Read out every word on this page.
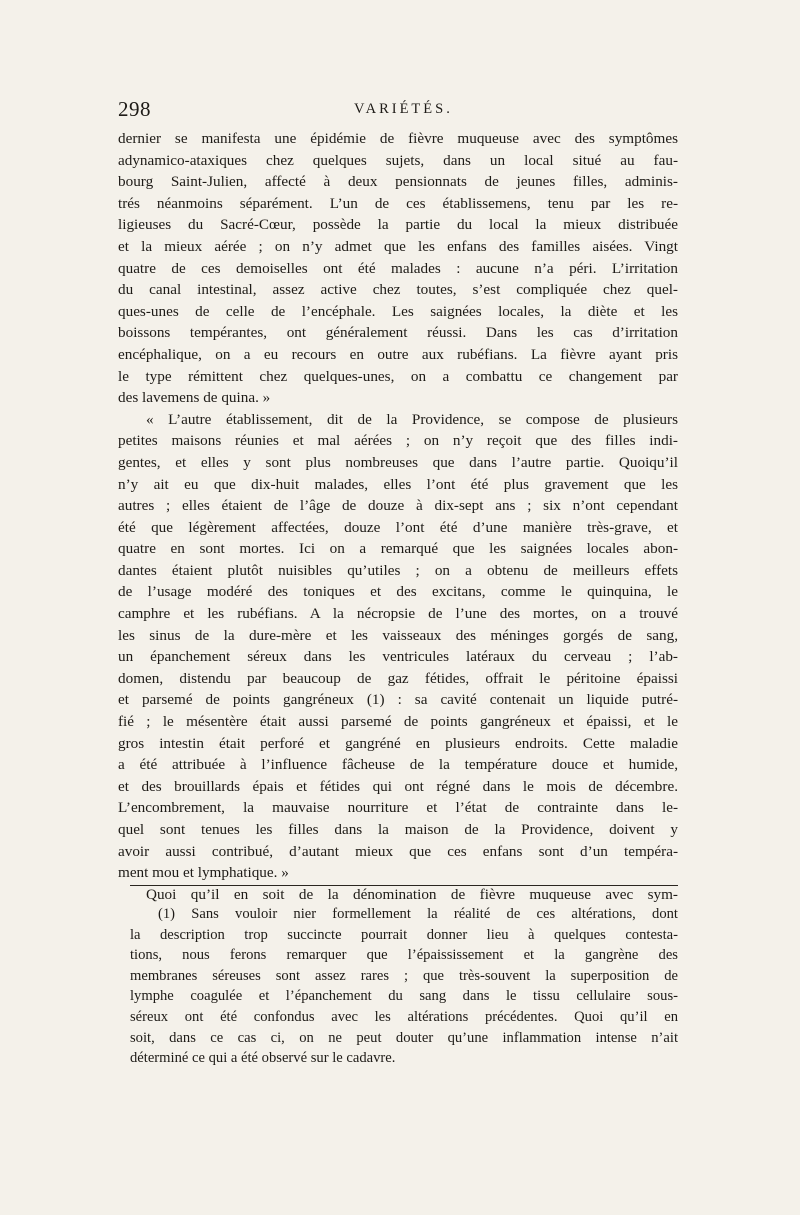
298	VARIÉTÉS.
dernier se manifesta une épidémie de fièvre muqueuse avec des symptômes
adynamico-ataxiques chez quelques sujets, dans un local situé au fau-
bourg Saint-Julien, affecté à deux pensionnats de jeunes filles, adminis-
trés néanmoins séparément. L’un de ces établissemens, tenu par les re-
ligieuses du Sacré-Cœur, possède la partie du local la mieux distribuée
et la mieux aérée ; on n’y admet que les enfans des familles aisées. Vingt
quatre de ces demoiselles ont été malades : aucune n’a péri. L’irritation
du canal intestinal, assez active chez toutes, s’est compliquée chez quel-
ques-unes de celle de l’encéphale. Les saignées locales, la diète et les
boissons tempérantes, ont généralement réussi. Dans les cas d’irritation
encéphalique, on a eu recours en outre aux rubéfians. La fièvre ayant pris
le type rémittent chez quelques-unes, on a combattu ce changement par
des lavemens de quina. »
« L’autre établissement, dit de la Providence, se compose de plusieurs
petites maisons réunies et mal aérées ; on n’y reçoit que des filles indi-
gentes, et elles y sont plus nombreuses que dans l’autre partie. Quoiqu’il
n’y ait eu que dix-huit malades, elles l’ont été plus gravement que les
autres ; elles étaient de l’âge de douze à dix-sept ans ; six n’ont cependant
été que légèrement affectées, douze l’ont été d’une manière très-grave, et
quatre en sont mortes. Ici on a remarqué que les saignées locales abon-
dantes étaient plutôt nuisibles qu’utiles ; on a obtenu de meilleurs effets
de l’usage modéré des toniques et des excitans, comme le quinquina, le
camphre et les rubéfians. A la nécropsie de l’une des mortes, on a trouvé
les sinus de la dure-mère et les vaisseaux des méninges gorgés de sang,
un épanchement séreux dans les ventricules latéraux du cerveau ; l’ab-
domen, distendu par beaucoup de gaz fétides, offrait le péritoine épaissi
et parsemé de points gangréneux (1) : sa cavité contenait un liquide putré-
fié ; le mésentère était aussi parsemé de points gangréneux et épaissi, et le
gros intestin était perforé et gangréné en plusieurs endroits. Cette maladie
a été attribuée à l’influence fâcheuse de la température douce et humide,
et des brouillards épais et fétides qui ont régné dans le mois de décembre.
L’encombrement, la mauvaise nourriture et l’état de contrainte dans le-
quel sont tenues les filles dans la maison de la Providence, doivent y
avoir aussi contribué, d’autant mieux que ces enfans sont d’un tempéra-
ment mou et lymphatique. »
Quoi qu’il en soit de la dénomination de fièvre muqueuse avec sym-
(1) Sans vouloir nier formellement la réalité de ces altérations, dont
la description trop succincte pourrait donner lieu à quelques contesta-
tions, nous ferons remarquer que l’épaississement et la gangrène des
membranes séreuses sont assez rares ; que très-souvent la superposition de
lymphe coagulée et l’épanchement du sang dans le tissu cellulaire sous-
séreux ont été confondus avec les altérations précédentes. Quoi qu’il en
soit, dans ce cas ci, on ne peut douter qu’une inflammation intense n’ait
déterminé ce qui a été observé sur le cadavre.
